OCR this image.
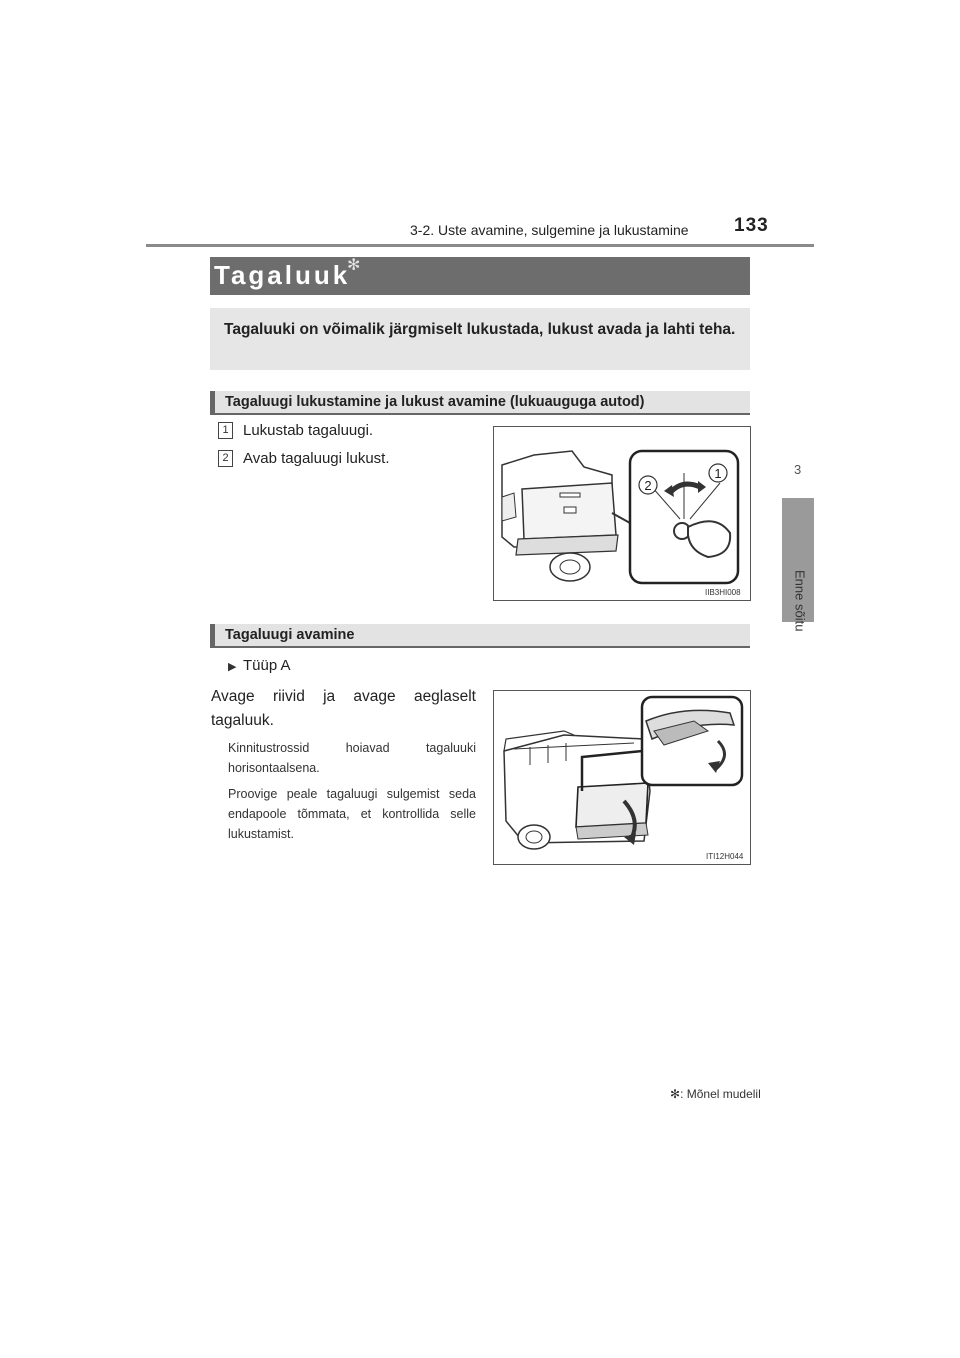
3-2. Uste avamine, sulgemine ja lukustamine 133
3
Enne sõitu
Tagaluuk
✻
Tagaluuki on võimalik järgmiselt lukustada, lukust avada ja lahti teha.
Tagaluugi lukustamine ja lukust avamine (lukuauguga autod)
1 Lukustab tagaluugi.
2 Avab tagaluugi lukust.
1
2
IIB3HI008
Tagaluugi avamine
▶ Tüüp A
Avage riivid ja avage aeglaselt tagaluuk.
Kinnitustrossid hoiavad tagaluuki horisontaalsena.
Proovige peale tagaluugi sulgemist seda endapoole tõmmata, et kontrollida selle lukustamist.
ITI12H044
✻: Mõnel mudelil
